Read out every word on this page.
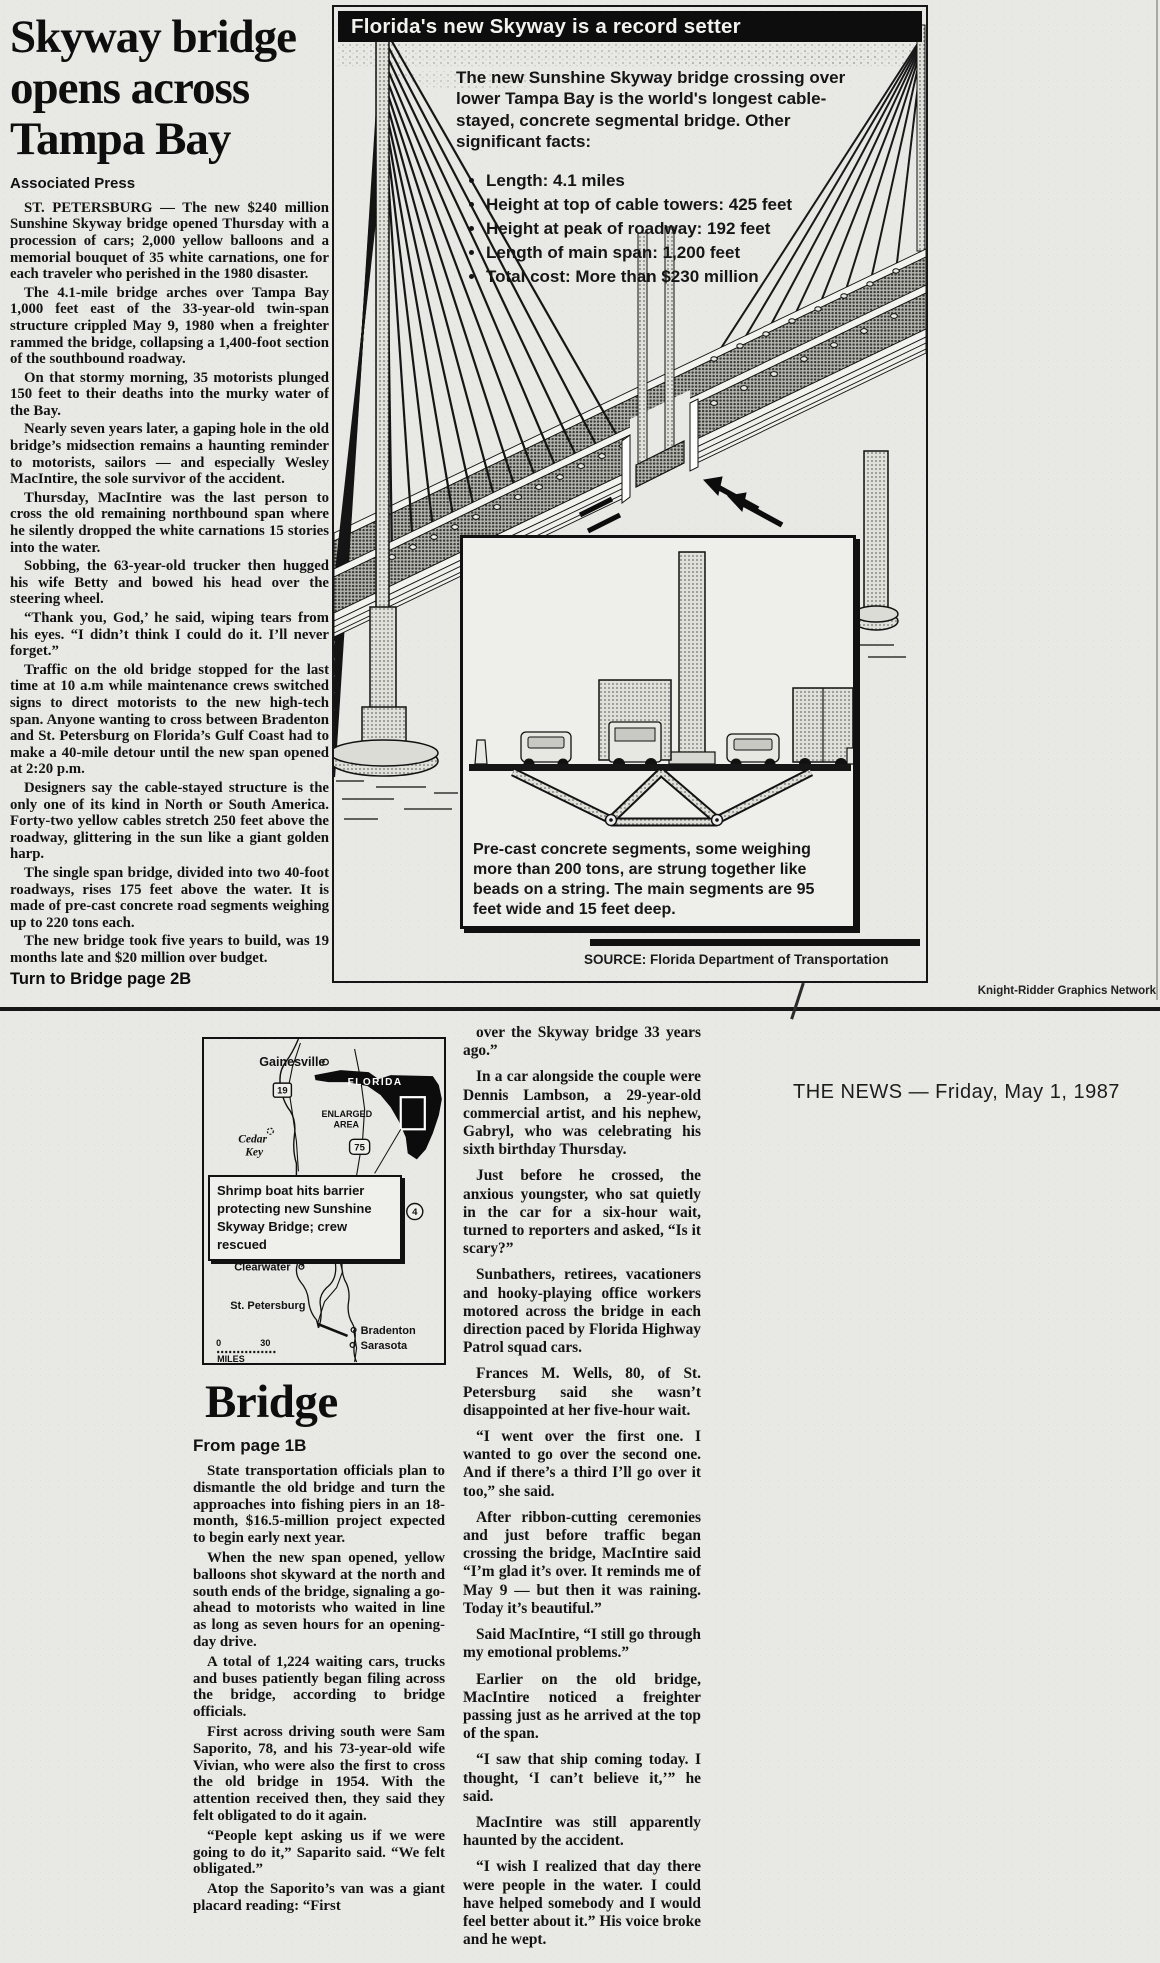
Skyway bridge opens across Tampa Bay
Associated Press

ST. PETERSBURG — The new $240 million Sunshine Skyway bridge opened Thursday with a procession of cars; 2,000 yellow balloons and a memorial bouquet of 35 white carnations, one for each traveler who perished in the 1980 disaster.

The 4.1-mile bridge arches over Tampa Bay 1,000 feet east of the 33-year-old twin-span structure crippled May 9, 1980 when a freighter rammed the bridge, collapsing a 1,400-foot section of the southbound roadway.

On that stormy morning, 35 motorists plunged 150 feet to their deaths into the murky water of the Bay.

Nearly seven years later, a gaping hole in the old bridge’s midsection remains a haunting reminder to motorists, sailors — and especially Wesley MacIntire, the sole survivor of the accident.

Thursday, MacIntire was the last person to cross the old remaining northbound span where he silently dropped the white carnations 15 stories into the water.

Sobbing, the 63-year-old trucker then hugged his wife Betty and bowed his head over the steering wheel.

“Thank you, God,’ he said, wiping tears from his eyes. “I didn’t think I could do it. I’ll never forget.”

Traffic on the old bridge stopped for the last time at 10 a.m while maintenance crews switched signs to direct motorists to the new high-tech span. Anyone wanting to cross between Bradenton and St. Petersburg on Florida’s Gulf Coast had to make a 40-mile detour until the new span opened at 2:20 p.m.

Designers say the cable-stayed structure is the only one of its kind in North or South America. Forty-two yellow cables stretch 250 feet above the roadway, glittering in the sun like a giant golden harp.

The single span bridge, divided into two 40-foot roadways, rises 175 feet above the water. It is made of pre-cast concrete road segments weighing up to 220 tons each.

The new bridge took five years to build, was 19 months late and $20 million over budget.

Turn to Bridge page 2B
Florida's new Skyway is a record setter

The new Sunshine Skyway bridge crossing over lower Tampa Bay is the world's longest cable-stayed, concrete segmental bridge. Other significant facts:

• Length: 4.1 miles
• Height at top of cable towers: 425 feet
• Height at peak of roadway: 192 feet
• Length of main span: 1,200 feet
• Total cost: More than $230 million

Pre-cast concrete segments, some weighing more than 200 tons, are strung together like beads on a string. The main segments are 95 feet wide and 15 feet deep.

SOURCE: Florida Department of Transportation
Knight-Ridder Graphics Network
FLORIDA
ENLARGED
AREA
Gainesville
19
75
Cedar
Key
4
Clearwater
St. Petersburg
Bradenton
Sarasota
0	30
MILES
Shrimp boat hits barrier protecting new Sunshine Skyway Bridge; crew rescued

over the Skyway bridge 33 years ago.”

In a car alongside the couple were Dennis Lambson, a 29-year-old commercial artist, and his nephew, Gabryl, who was celebrating his sixth birthday Thursday.

Just before he crossed, the anxious youngster, who sat quietly in the car for a six-hour wait, turned to reporters and asked, “Is it scary?”

Sunbathers, retirees, vacationers and hooky-playing office workers motored across the bridge in each direction paced by Florida Highway Patrol squad cars.

Frances M. Wells, 80, of St. Petersburg said she wasn’t disappointed at her five-hour wait.

“I went over the first one. I wanted to go over the second one. And if there’s a third I’ll go over it too,” she said.

After ribbon-cutting ceremonies and just before traffic began crossing the bridge, MacIntire said “I’m glad it’s over. It reminds me of May 9 — but then it was raining. Today it’s beautiful.”

Said MacIntire, “I still go through my emotional problems.”

Earlier on the old bridge, MacIntire noticed a freighter passing just as he arrived at the top of the span.

“I saw that ship coming today. I thought, ‘I can’t believe it,’” he said.

MacIntire was still apparently haunted by the accident.

“I wish I realized that day there were people in the water. I could have helped somebody and I would feel better about it.” His voice broke and he wept.

THE NEWS — Friday, May 1, 1987
Bridge
From page 1B

State transportation officials plan to dismantle the old bridge and turn the approaches into fishing piers in an 18-month, $16.5-million project expected to begin early next year.

When the new span opened, yellow balloons shot skyward at the north and south ends of the bridge, signaling a go-ahead to motorists who waited in line as long as seven hours for an opening-day drive.

A total of 1,224 waiting cars, trucks and buses patiently began filing across the bridge, according to bridge officials.

First across driving south were Sam Saporito, 78, and his 73-year-old wife Vivian, who were also the first to cross the old bridge in 1954. With the attention received then, they said they felt obligated to do it again.

“People kept asking us if we were going to do it,” Saparito said. “We felt obligated.”

Atop the Saporito’s van was a giant placard reading: “First
